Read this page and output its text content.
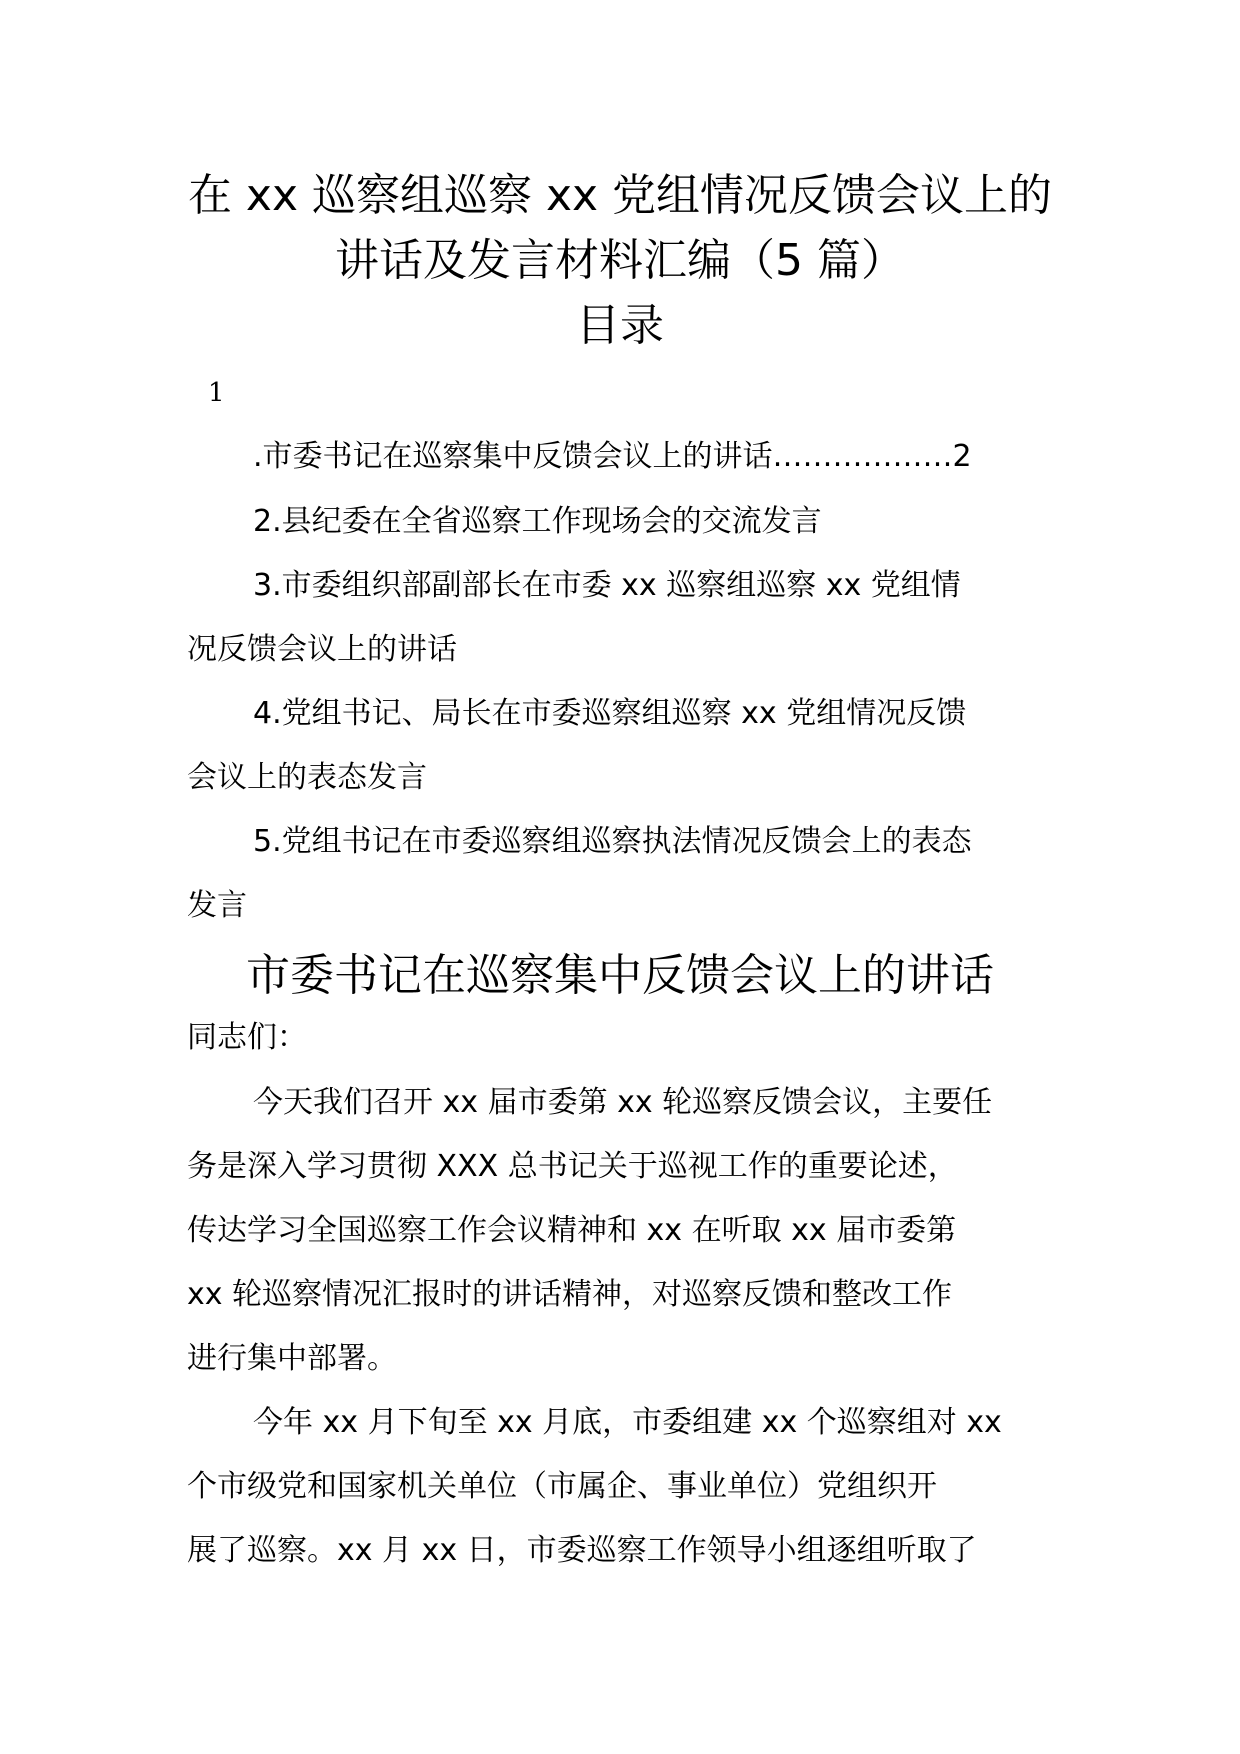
在 xx 巡察组巡察 xx 党组情况反馈会议上的
讲话及发言材料汇编（5 篇）
目录
1
.市委书记在巡察集中反馈会议上的讲话………………2
2.县纪委在全省巡察工作现场会的交流发言
3.市委组织部副部长在市委 xx 巡察组巡察 xx 党组情
况反馈会议上的讲话
4.党组书记、局长在市委巡察组巡察 xx 党组情况反馈
会议上的表态发言
5.党组书记在市委巡察组巡察执法情况反馈会上的表态
发言
市委书记在巡察集中反馈会议上的讲话
同志们：
今天我们召开 xx 届市委第 xx 轮巡察反馈会议，主要任
务是深入学习贯彻 XXX 总书记关于巡视工作的重要论述，
传达学习全国巡察工作会议精神和 xx 在听取 xx 届市委第
xx 轮巡察情况汇报时的讲话精神，对巡察反馈和整改工作
进行集中部署。
今年 xx 月下旬至 xx 月底，市委组建 xx 个巡察组对 xx
个市级党和国家机关单位（市属企、事业单位）党组织开
展了巡察。xx 月 xx 日，市委巡察工作领导小组逐组听取了
